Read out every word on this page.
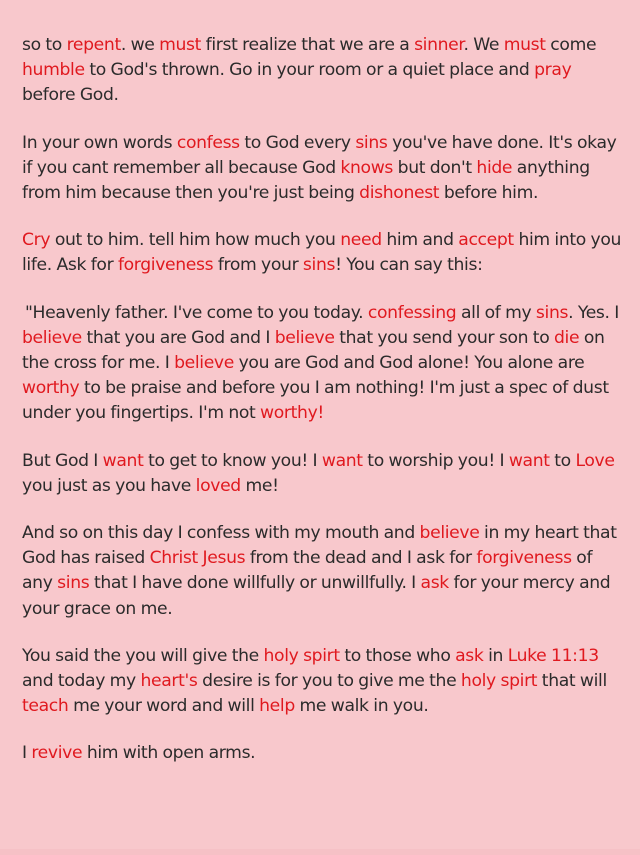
so to repent. we must first realize that we are a sinner. We must come humble to God's thrown. Go in your room or a quiet place and pray before God.

In your own words confess to God every sins you've have done. It's okay if you cant remember all because God knows but don't hide anything from him because then you're just being dishonest before him.

Cry out to him. tell him how much you need him and accept him into you life. Ask for forgiveness from your sins! You can say this:

"Heavenly father. I've come to you today. confessing all of my sins. Yes. I believe that you are God and I believe that you send your son to die on the cross for me. I believe you are God and God alone! You alone are worthy to be praise and before you I am nothing! I'm just a spec of dust under you fingertips. I'm not worthy!

But God I want to get to know you! I want to worship you! I want to Love you just as you have loved me!

And so on this day I confess with my mouth and believe in my heart that God has raised Christ Jesus from the dead and I ask for forgiveness of any sins that I have done willfully or unwillfully. I ask for your mercy and your grace on me.

You said the you will give the holy spirt to those who ask in Luke 11:13 and today my heart's desire is for you to give me the holy spirt that will teach me your word and will help me walk in you.

I revive him with open arms.
